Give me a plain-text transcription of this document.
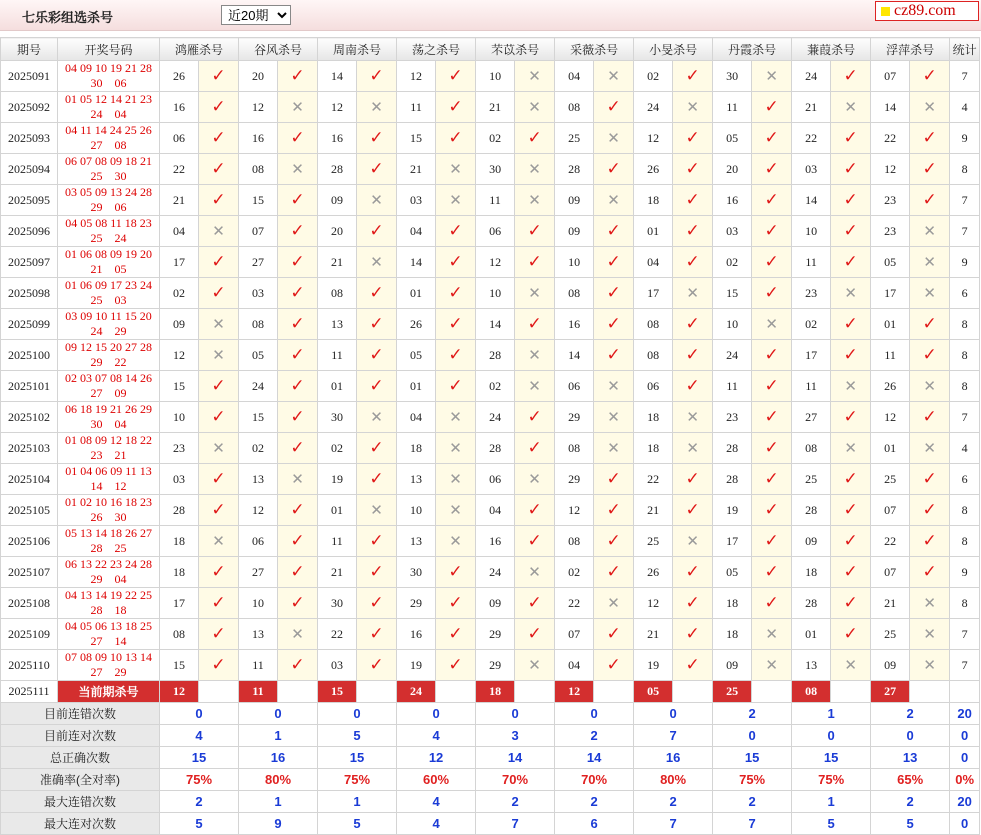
七乐彩组选杀号
近20期	cz89.com
期号	开奖号码	鸿雁杀号		谷风杀号		周南杀号		荡之杀号		芣苡杀号		采薇杀号		小旻杀号		丹霞杀号		蒹葭杀号		浮萍杀号		统计
2025091	04 09 10 19 21 28
30　06	26	✓	20	✓	14	✓	12	✓	10	✕	04	✕	02	✓	30	✕	24	✓	07	✓	7
2025092	01 05 12 14 21 23
24　04	16	✓	12	✕	12	✕	11	✓	21	✕	08	✓	24	✕	11	✓	21	✕	14	✕	4
2025093	04 11 14 24 25 26
27　08	06	✓	16	✓	16	✓	15	✓	02	✓	25	✕	12	✓	05	✓	22	✓	22	✓	9
2025094	06 07 08 09 18 21
25　30	22	✓	08	✕	28	✓	21	✕	30	✕	28	✓	26	✓	20	✓	03	✓	12	✓	8
2025095	03 05 09 13 24 28
29　06	21	✓	15	✓	09	✕	03	✕	11	✕	09	✕	18	✓	16	✓	14	✓	23	✓	7
2025096	04 05 08 11 18 23
25　24	04	✕	07	✓	20	✓	04	✓	06	✓	09	✓	01	✓	03	✓	10	✓	23	✕	7
2025097	01 06 08 09 19 20
21　05	17	✓	27	✓	21	✕	14	✓	12	✓	10	✓	04	✓	02	✓	11	✓	05	✕	9
2025098	01 06 09 17 23 24
25　03	02	✓	03	✓	08	✓	01	✓	10	✕	08	✓	17	✕	15	✓	23	✕	17	✕	6
2025099	03 09 10 11 15 20
24　29	09	✕	08	✓	13	✓	26	✓	14	✓	16	✓	08	✓	10	✕	02	✓	01	✓	8
2025100	09 12 15 20 27 28
29　22	12	✕	05	✓	11	✓	05	✓	28	✕	14	✓	08	✓	24	✓	17	✓	11	✓	8
2025101	02 03 07 08 14 26
27　09	15	✓	24	✓	01	✓	01	✓	02	✕	06	✕	06	✓	11	✓	11	✕	26	✕	8
2025102	06 18 19 21 26 29
30　04	10	✓	15	✓	30	✕	04	✕	24	✓	29	✕	18	✕	23	✓	27	✓	12	✓	7
2025103	01 08 09 12 18 22
23　21	23	✕	02	✓	02	✓	18	✕	28	✓	08	✕	18	✕	28	✓	08	✕	01	✕	4
2025104	01 04 06 09 11 13
14　12	03	✓	13	✕	19	✓	13	✕	06	✕	29	✓	22	✓	28	✓	25	✓	25	✓	6
2025105	01 02 10 16 18 23
26　30	28	✓	12	✓	01	✕	10	✕	04	✓	12	✓	21	✓	19	✓	28	✓	07	✓	8
2025106	05 13 14 18 26 27
28　25	18	✕	06	✓	11	✓	13	✕	16	✓	08	✓	25	✕	17	✓	09	✓	22	✓	8
2025107	06 13 22 23 24 28
29　04	18	✓	27	✓	21	✓	30	✓	24	✕	02	✓	26	✓	05	✓	18	✓	07	✓	9
2025108	04 13 14 19 22 25
28　18	17	✓	10	✓	30	✓	29	✓	09	✓	22	✕	12	✓	18	✓	28	✓	21	✕	8
2025109	04 05 06 13 18 25
27　14	08	✓	13	✕	22	✓	16	✓	29	✓	07	✓	21	✓	18	✕	01	✓	25	✕	7
2025110	07 08 09 10 13 14
27　29	15	✓	11	✓	03	✓	19	✓	29	✕	04	✓	19	✓	09	✕	13	✕	09	✕	7
2025111	当前期杀号	12		11		15		24		18		12		05		25		08		27		
目前连错次数		0		0		0		0		0		0		0		2		1		2		20
目前连对次数		4		1		5		4		3		2		7		0		0		0		0
总正确次数		15		16		15		12		14		14		16		15		15		13		0
准确率(全对率)		75%		80%		75%		60%		70%		70%		80%		75%		75%		65%		0%
最大连错次数		2		1		1		4		2		2		2		2		1		2		20
最大连对次数		5		9		5		4		7		6		7		7		5		5		0
